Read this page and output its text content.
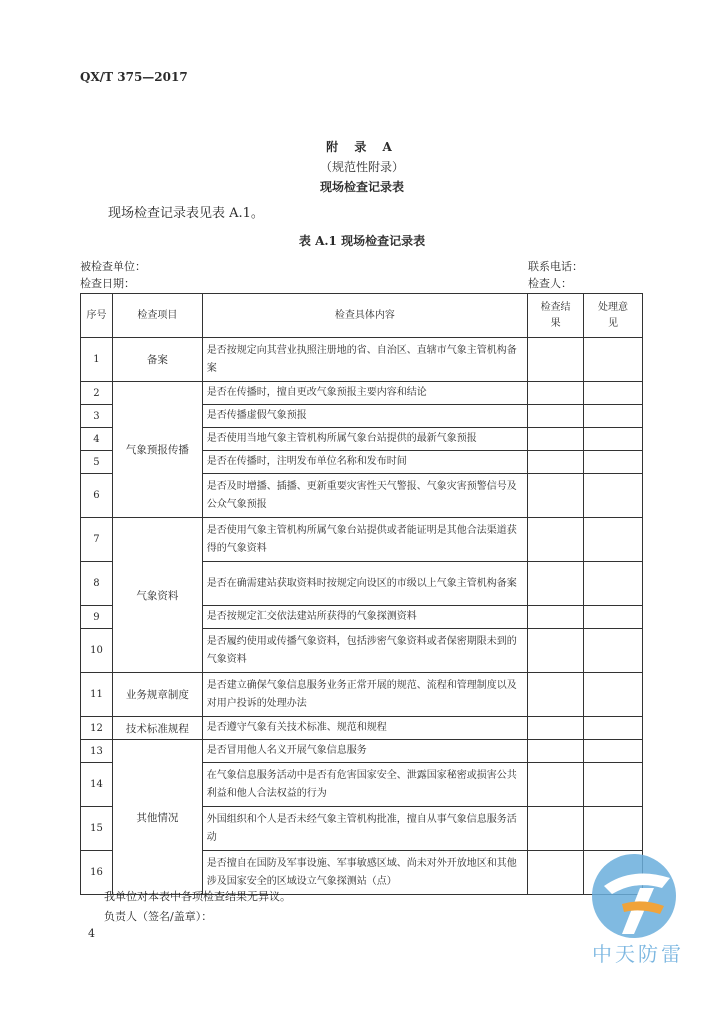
QX/T 375—2017
附 录 A
（规范性附录）
现场检查记录表
现场检查记录表见表 A.1。
表 A.1 现场检查记录表
被检查单位：	联系电话：
检查日期：	检查人：
序号	检查项目	检查具体内容	检查结果	处理意见

1	备案	是否按规定向其营业执照注册地的省、自治区、直辖市气象主管机构备案		
2	气象预报传播	是否在传播时，擅自更改气象预报主要内容和结论		
3		是否传播虚假气象预报		
4		是否使用当地气象主管机构所属气象台站提供的最新气象预报		
5		是否在传播时，注明发布单位名称和发布时间		
6		是否及时增播、插播、更新重要灾害性天气警报、气象灾害预警信号及公众气象预报		
7	气象资料	是否使用气象主管机构所属气象台站提供或者能证明是其他合法渠道获得的气象资料		
8		是否在确需建站获取资料时按规定向设区的市级以上气象主管机构备案		
9		是否按规定汇交依法建站所获得的气象探测资料		
10		是否履约使用或传播气象资料，包括涉密气象资料或者保密期限未到的气象资料		
11	业务规章制度	是否建立确保气象信息服务业务正常开展的规范、流程和管理制度以及对用户投诉的处理办法		
12	技术标准规程	是否遵守气象有关技术标准、规范和规程		
13	其他情况	是否冒用他人名义开展气象信息服务		
14		在气象信息服务活动中是否有危害国家安全、泄露国家秘密或损害公共利益和他人合法权益的行为		
15		外国组织和个人是否未经气象主管机构批准，擅自从事气象信息服务活动		
16		是否擅自在国防及军事设施、军事敏感区域、尚未对外开放地区和其他涉及国家安全的区域设立气象探测站（点）		
我单位对本表中各项检查结果无异议。
负责人（签名/盖章）：
4
中天防雷
